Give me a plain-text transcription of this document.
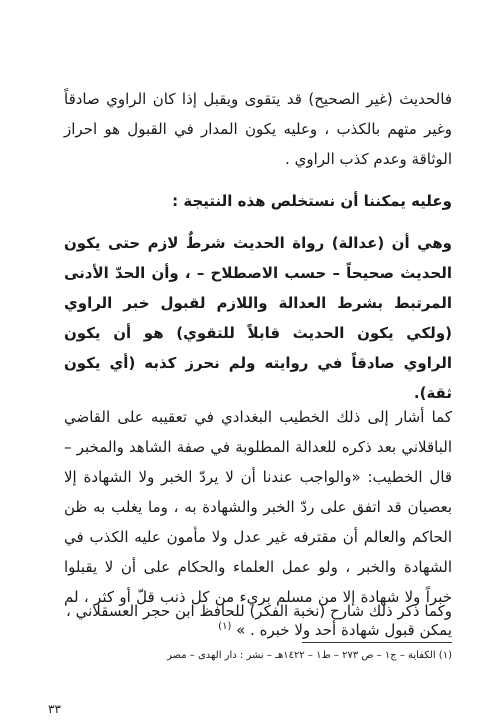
فالحديث (غير الصحيح) قد يتقوى ويقبل إذا كان الراوي صادقاً وغير متهم بالكذب ، وعليه يكون المدار في القبول هو احراز الوثاقة وعدم كذب الراوي .

وعليه يمكننا أن نستخلص هذه النتيجة :

وهي أن (عدالة) رواة الحديث شرطٌ لازم حتى يكون الحديث صحيحاً – حسب الاصطلاح – ، وأن الحدّ الأدنى المرتبط بشرط العدالة واللازم لقبول خبر الراوي (ولكي يكون الحديث قابلاً للتقوي) هو أن يكون الراوي صادقاً في روايته ولم نحرز كذبه (أي يكون ثقة).

كما أشار إلى ذلك الخطيب البغدادي في تعقيبه على القاضي الباقلاني بعد ذكره للعدالة المطلوبة في صفة الشاهد والمخبر – قال الخطيب: «والواجب عندنا أن لا يردّ الخبر ولا الشهادة إلا بعصيان قد اتفق على ردّ الخبر والشهادة به ، وما يغلب به ظن الحاكم والعالم أن مقترفه غير عدل ولا مأمون عليه الكذب في الشهادة والخبر ، ولو عمل العلماء والحكام على أن لا يقبلوا خبراً ولا شهادة إلا من مسلم بريء من كل ذنب قلّ أو كثر ، لم يمكن قبول شهادة أحد ولا خبره . » $^{(١)}$

وكما ذكر ذلك شارح (نخبة الفكر) للحافظ ابن حجر العسقلاني ،

(١) الكفاية – ج١ – ص ٢٧٣ – ط١ – ١٤٢٢هـ – نشر : دار الهدى – مصر

٣٣
